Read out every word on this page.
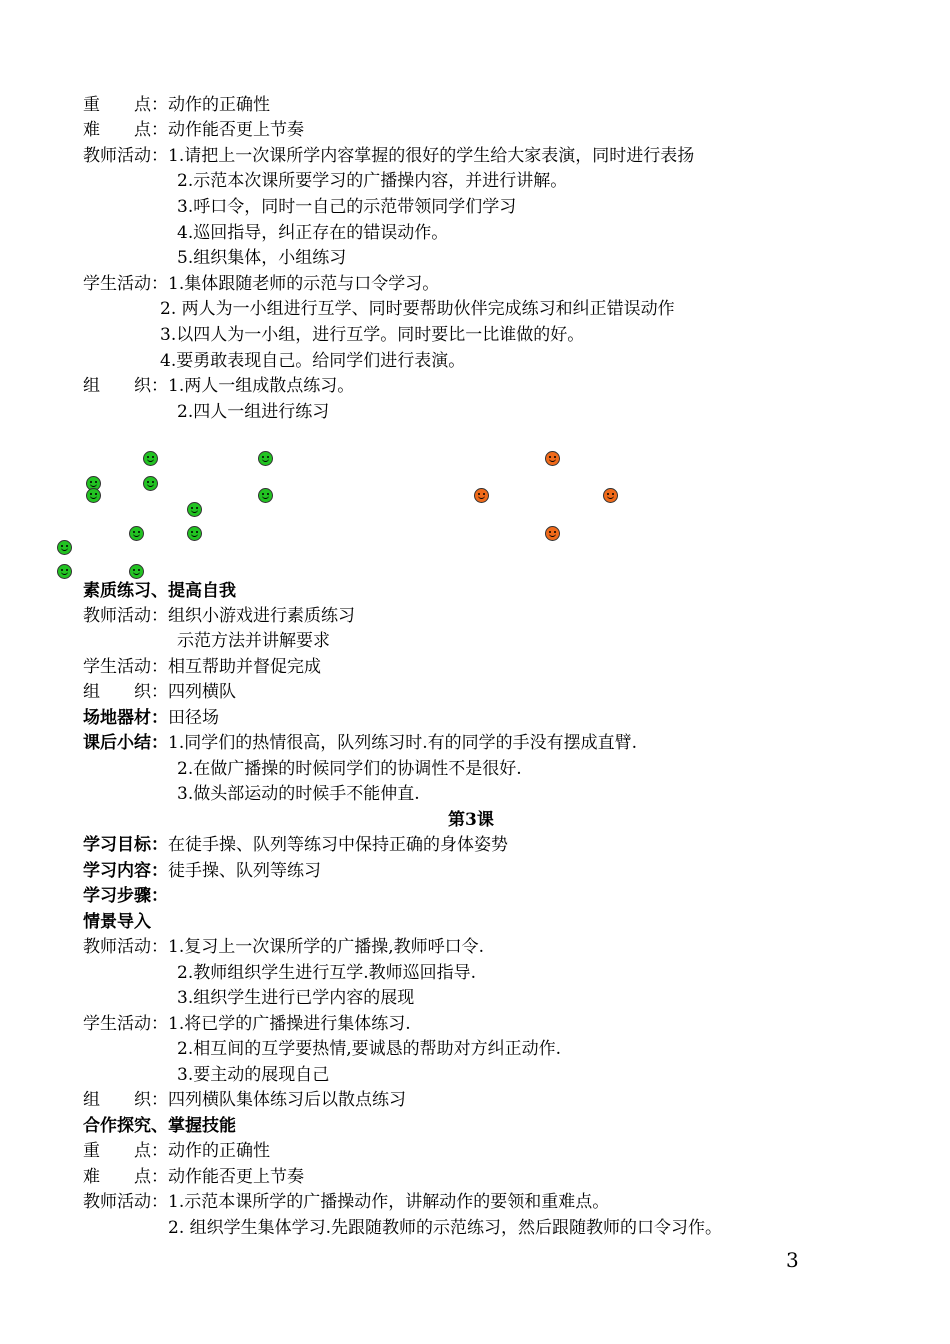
重　　点：动作的正确性
难　　点：动作能否更上节奏
教师活动：1.请把上一次课所学内容掌握的很好的学生给大家表演，同时进行表扬
2.示范本次课所要学习的广播操内容，并进行讲解。
3.呼口令，同时一自己的示范带领同学们学习
4.巡回指导，纠正存在的错误动作。
5.组织集体，小组练习
学生活动：1.集体跟随老师的示范与口令学习。
2. 两人为一小组进行互学、同时要帮助伙伴完成练习和纠正错误动作
3.以四人为一小组，进行互学。同时要比一比谁做的好。
4.要勇敢表现自己。给同学们进行表演。
组　　织：1.两人一组成散点练习。
2.四人一组进行练习
素质练习、提高自我
教师活动：组织小游戏进行素质练习
示范方法并讲解要求
学生活动：相互帮助并督促完成
组　　织：四列横队
场地器材：田径场
课后小结：1.同学们的热情很高，队列练习时.有的同学的手没有摆成直臂.
2.在做广播操的时候同学们的协调性不是很好.
3.做头部运动的时候手不能伸直.
第3课
学习目标：在徒手操、队列等练习中保持正确的身体姿势
学习内容：徒手操、队列等练习
学习步骤：
情景导入
教师活动：1.复习上一次课所学的广播操,教师呼口令.
2.教师组织学生进行互学.教师巡回指导.
3.组织学生进行已学内容的展现
学生活动：1.将已学的广播操进行集体练习.
2.相互间的互学要热情,要诚恳的帮助对方纠正动作.
3.要主动的展现自己
组　　织：四列横队集体练习后以散点练习
合作探究、掌握技能
重　　点：动作的正确性
难　　点：动作能否更上节奏
教师活动：1.示范本课所学的广播操动作，讲解动作的要领和重难点。
2. 组织学生集体学习.先跟随教师的示范练习，然后跟随教师的口令习作。
3
